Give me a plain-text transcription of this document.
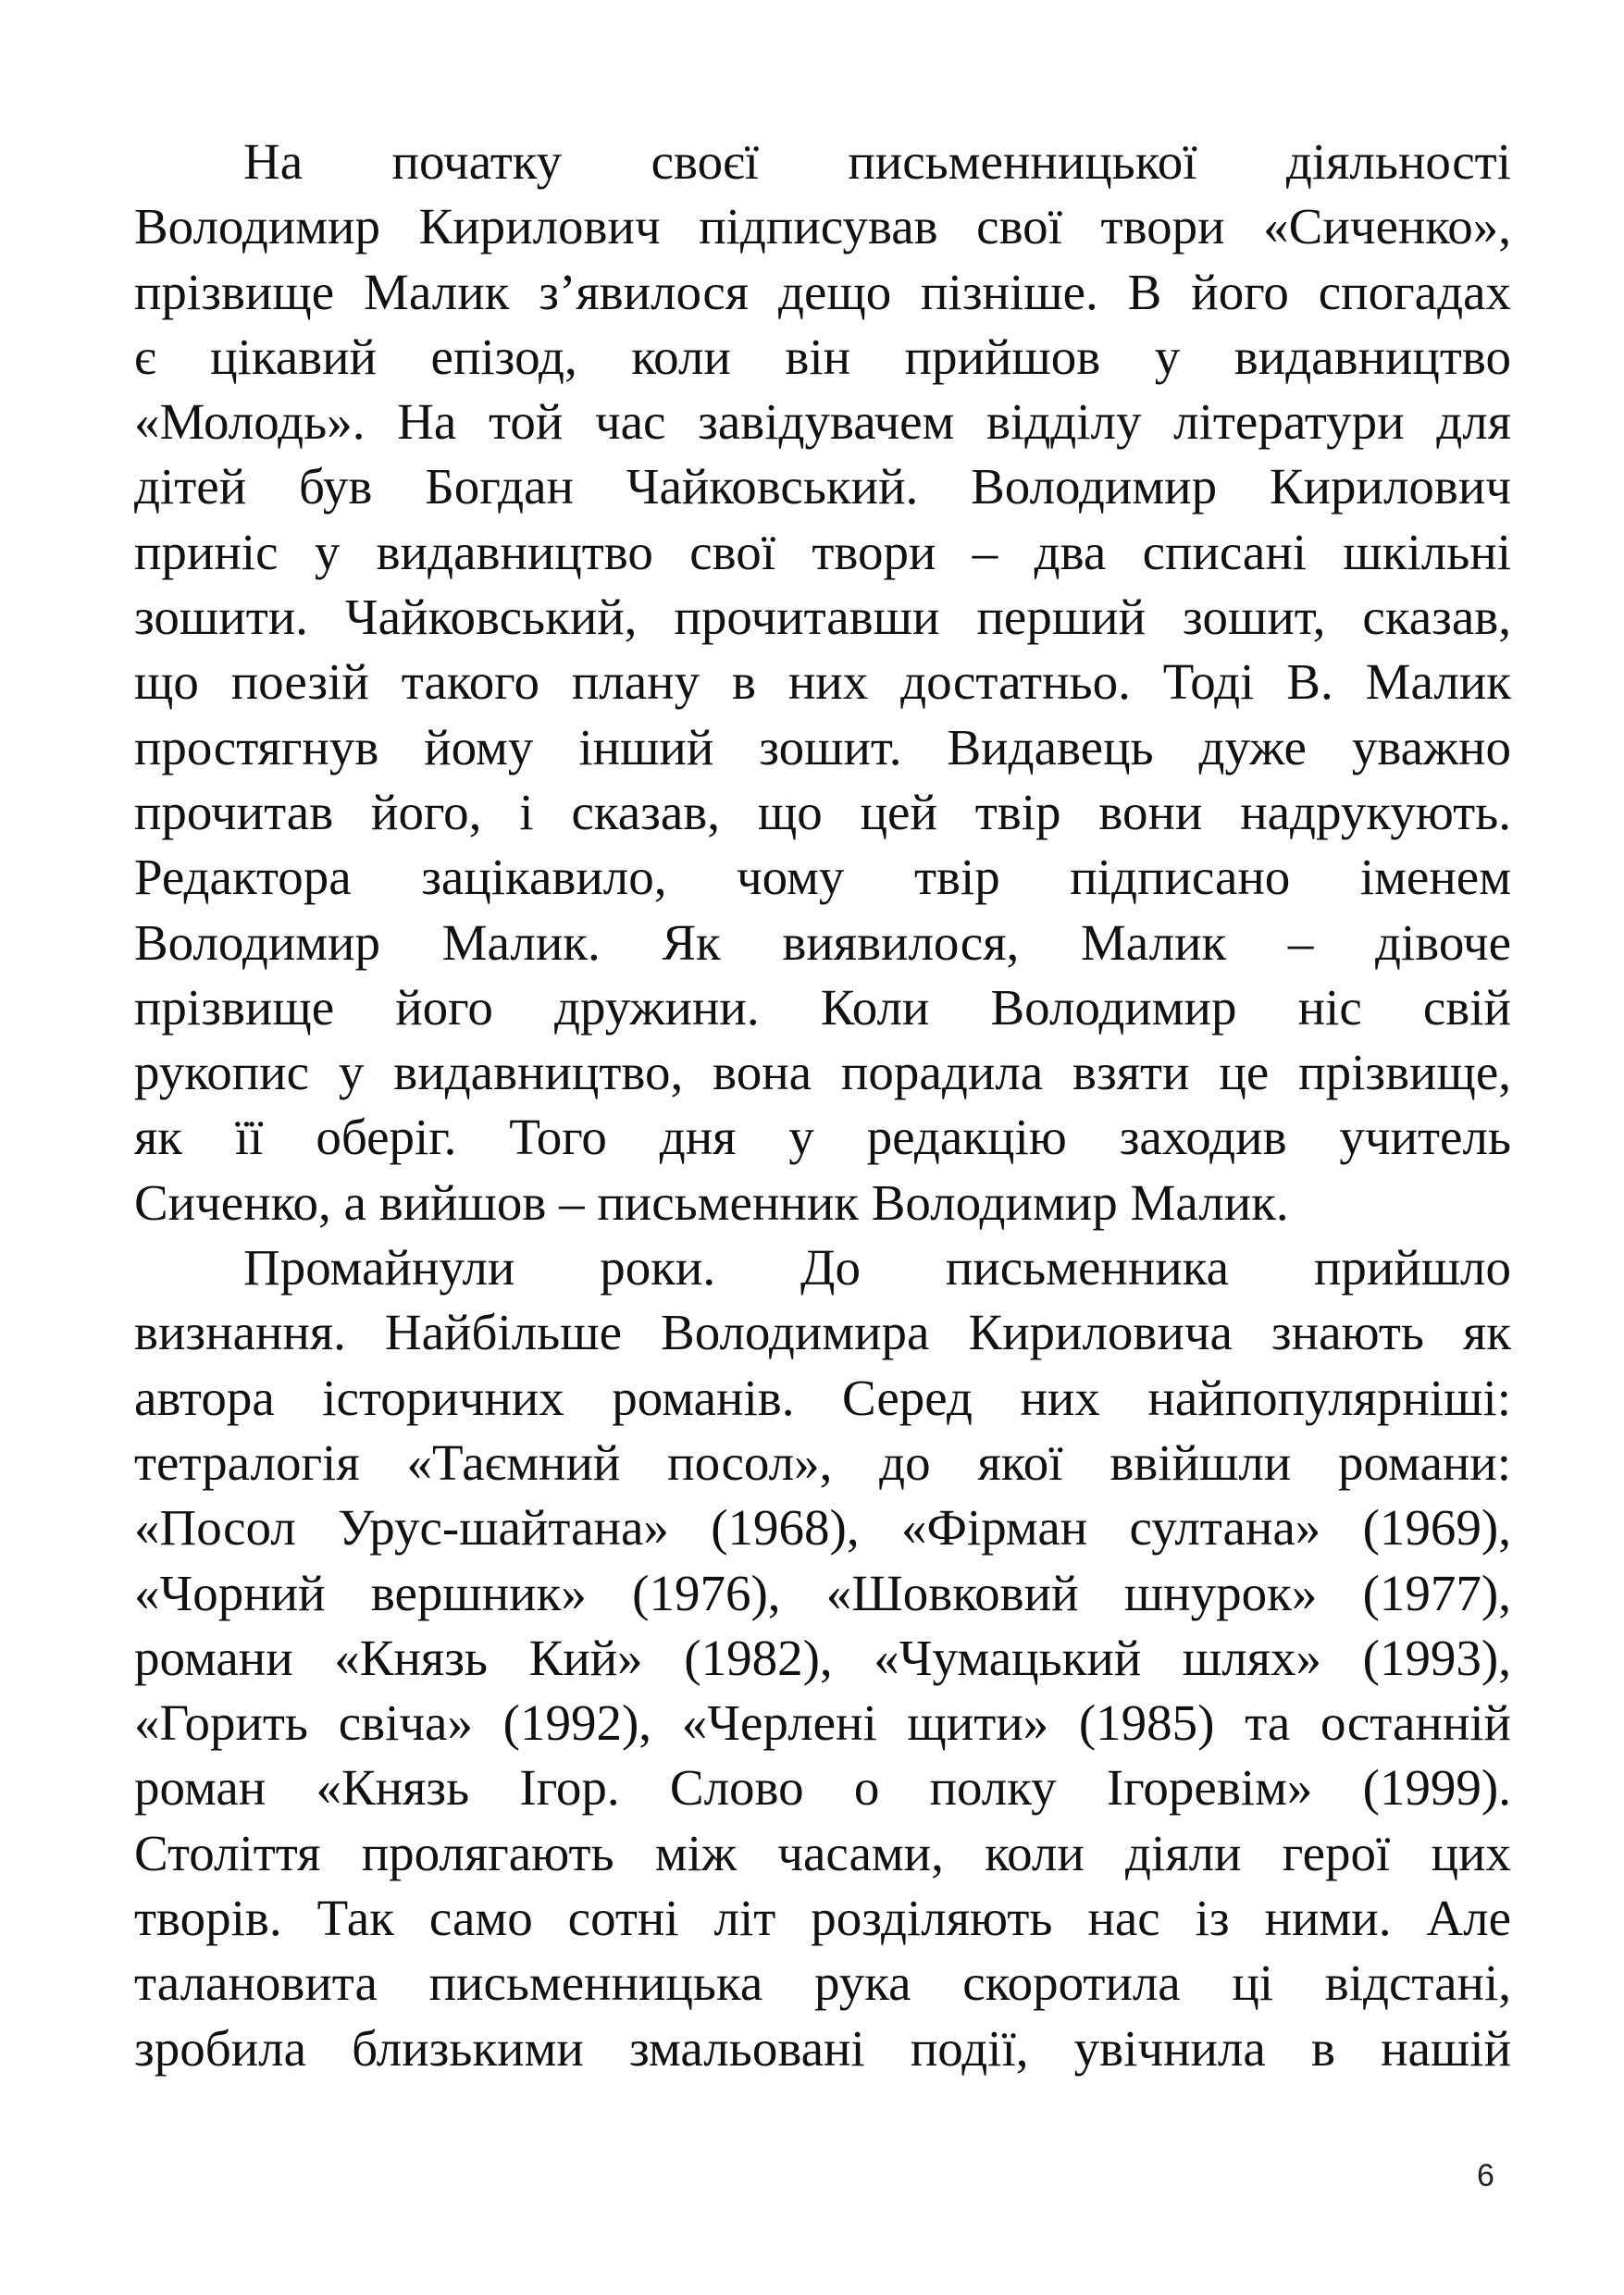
На початку своєї письменницької діяльності
Володимир Кирилович підписував свої твори «Сиченко»,
прізвище Малик з’явилося дещо пізніше. В його спогадах
є цікавий епізод, коли він прийшов у видавництво
«Молодь». На той час завідувачем відділу літератури для
дітей був Богдан Чайковський. Володимир Кирилович
приніс у видавництво свої твори – два списані шкільні
зошити. Чайковський, прочитавши перший зошит, сказав,
що поезій такого плану в них достатньо. Тоді В. Малик
простягнув йому інший зошит. Видавець дуже уважно
прочитав його, і сказав, що цей твір вони надрукують.
Редактора зацікавило, чому твір підписано іменем
Володимир Малик. Як виявилося, Малик – дівоче
прізвище його дружини. Коли Володимир ніс свій
рукопис у видавництво, вона порадила взяти це прізвище,
як її оберіг. Того дня у редакцію заходив учитель
Сиченко, а вийшов – письменник Володимир Малик.
Промайнули роки. До письменника прийшло
визнання. Найбільше Володимира Кириловича знають як
автора історичних романів. Серед них найпопулярніші:
тетралогія «Таємний посол», до якої ввійшли романи:
«Посол Урус-шайтана» (1968), «Фірман султана» (1969),
«Чорний вершник» (1976), «Шовковий шнурок» (1977),
романи «Князь Кий» (1982), «Чумацький шлях» (1993),
«Горить свіча» (1992), «Черлені щити» (1985) та останній
роман «Князь Ігор. Слово о полку Ігоревім» (1999).
Століття пролягають між часами, коли діяли герої цих
творів. Так само сотні літ розділяють нас із ними. Але
талановита письменницька рука скоротила ці відстані,
зробила близькими змальовані події, увічнила в нашій
6
